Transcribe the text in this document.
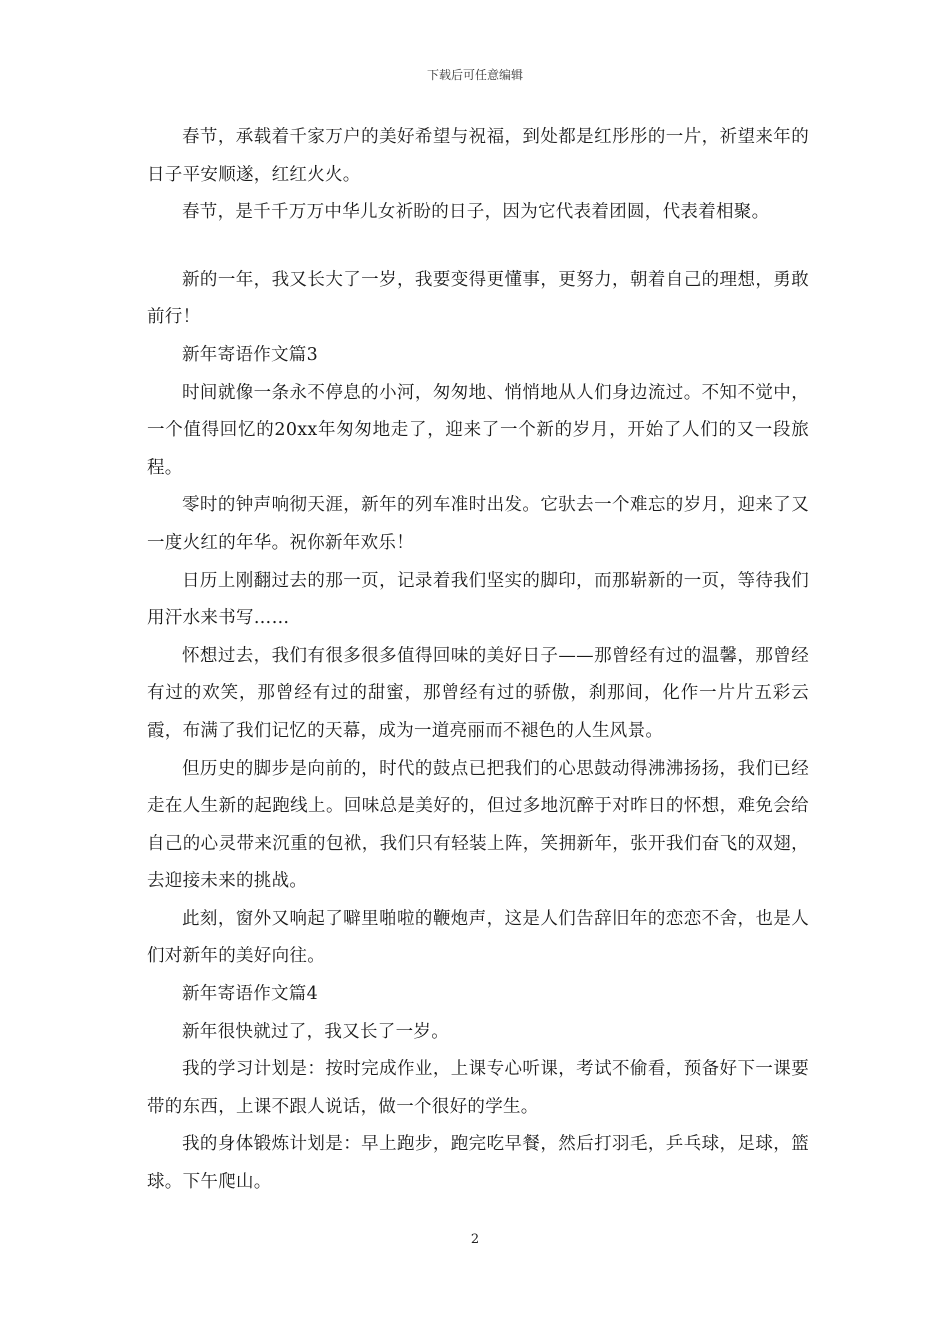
下载后可任意编辑

春节，承载着千家万户的美好希望与祝福，到处都是红彤彤的一片，祈望来年的日子平安顺遂，红红火火。

春节，是千千万万中华儿女祈盼的日子，因为它代表着团圆，代表着相聚。

新的一年，我又长大了一岁，我要变得更懂事，更努力，朝着自己的理想，勇敢前行！

新年寄语作文篇3

时间就像一条永不停息的小河，匆匆地、悄悄地从人们身边流过。不知不觉中，一个值得回忆的20xx年匆匆地走了，迎来了一个新的岁月，开始了人们的又一段旅程。

零时的钟声响彻天涯，新年的列车准时出发。它驮去一个难忘的岁月，迎来了又一度火红的年华。祝你新年欢乐！

日历上刚翻过去的那一页，记录着我们坚实的脚印，而那崭新的一页，等待我们用汗水来书写……

怀想过去，我们有很多很多值得回味的美好日子——那曾经有过的温馨，那曾经有过的欢笑，那曾经有过的甜蜜，那曾经有过的骄傲，刹那间，化作一片片五彩云霞，布满了我们记忆的天幕，成为一道亮丽而不褪色的人生风景。

但历史的脚步是向前的，时代的鼓点已把我们的心思鼓动得沸沸扬扬，我们已经走在人生新的起跑线上。回味总是美好的，但过多地沉醉于对昨日的怀想，难免会给自己的心灵带来沉重的包袱，我们只有轻装上阵，笑拥新年，张开我们奋飞的双翅，去迎接未来的挑战。

此刻，窗外又响起了噼里啪啦的鞭炮声，这是人们告辞旧年的恋恋不舍，也是人们对新年的美好向往。

新年寄语作文篇4

新年很快就过了，我又长了一岁。

我的学习计划是：按时完成作业，上课专心听课，考试不偷看，预备好下一课要带的东西，上课不跟人说话，做一个很好的学生。

我的身体锻炼计划是：早上跑步，跑完吃早餐，然后打羽毛，乒乓球，足球，篮球。下午爬山。

2
